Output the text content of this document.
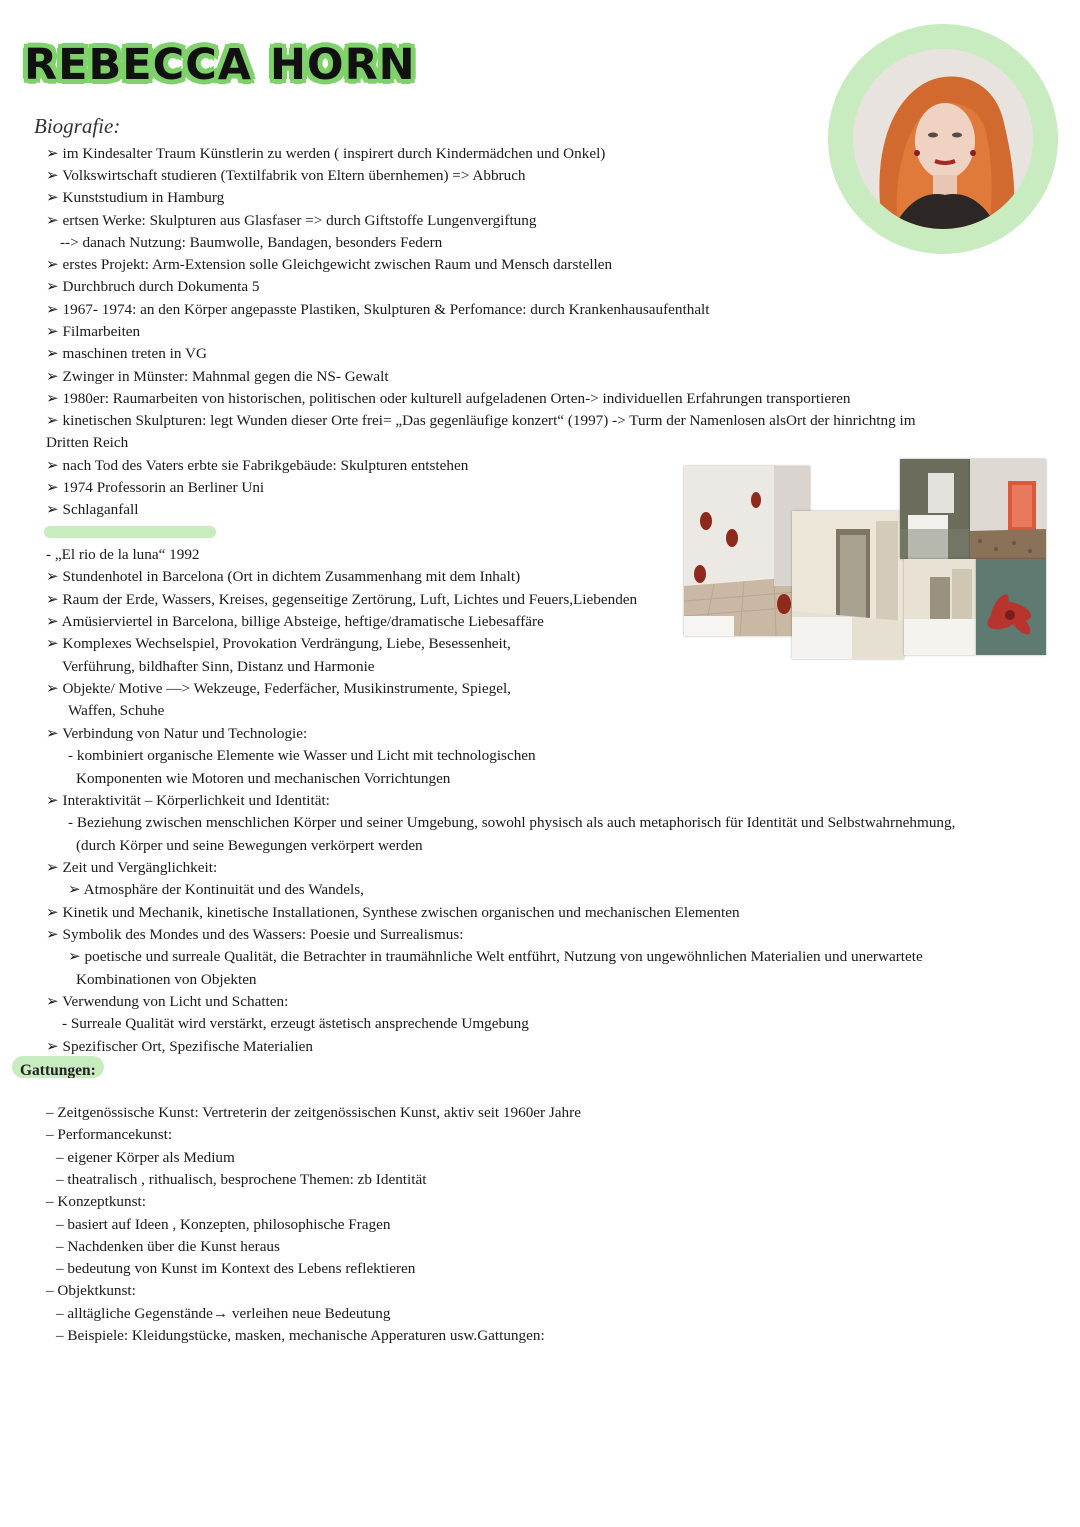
REBECCA HORN
Biografie:
➢ im Kindesalter Traum Künstlerin zu werden ( inspirert durch Kindermädchen und Onkel)
➢ Volkswirtschaft studieren (Textilfabrik von Eltern übernhemen) => Abbruch
➢ Kunststudium in Hamburg
➢ ertsen Werke: Skulpturen aus Glasfaser => durch Giftstoffe Lungenvergiftung
--> danach Nutzung: Baumwolle, Bandagen, besonders Federn
➢ erstes Projekt: Arm-Extension solle Gleichgewicht zwischen Raum und Mensch darstellen
➢ Durchbruch durch Dokumenta 5
➢ 1967- 1974: an den Körper angepasste Plastiken, Skulpturen & Perfomance: durch Krankenhausaufenthalt
➢ Filmarbeiten
➢ maschinen treten in VG
➢ Zwinger in Münster: Mahnmal gegen die NS- Gewalt
➢ 1980er: Raumarbeiten von historischen, politischen oder kulturell aufgeladenen Orten-> individuellen Erfahrungen transportieren
➢ kinetischen Skulpturen: legt Wunden dieser Orte frei= „Das gegenläufige konzert“ (1997) -> Turm der Namenlosen alsOrt der hinrichtng im
Dritten Reich
➢ nach Tod des Vaters erbte sie Fabrikgebäude: Skulpturen entstehen
➢ 1974 Professorin an Berliner Uni
➢ Schlaganfall
- „El rio de la luna“ 1992
➢ Stundenhotel in Barcelona (Ort in dichtem Zusammenhang mit dem Inhalt)
➢ Raum der Erde, Wassers, Kreises, gegenseitige Zertörung, Luft, Lichtes und Feuers,Liebenden
➢ Amüsierviertel in Barcelona, billige Absteige, heftige/dramatische Liebesaffäre
➢ Komplexes Wechselspiel, Provokation Verdrängung, Liebe, Besessenheit,
Verführung, bildhafter Sinn, Distanz und Harmonie
➢ Objekte/ Motive —> Wekzeuge, Federfächer, Musikinstrumente, Spiegel,
Waffen, Schuhe
➢ Verbindung von Natur und Technologie:
- kombiniert organische Elemente wie Wasser und Licht mit technologischen
Komponenten wie Motoren und mechanischen Vorrichtungen
➢ Interaktivität – Körperlichkeit und Identität:
- Beziehung zwischen menschlichen Körper und seiner Umgebung, sowohl physisch als auch metaphorisch für Identität und Selbstwahrnehmung,
(durch Körper und seine Bewegungen verkörpert werden
➢ Zeit und Vergänglichkeit:
➢ Atmosphäre der Kontinuität und des Wandels,
➢ Kinetik und Mechanik, kinetische Installationen, Synthese zwischen organischen und mechanischen Elementen
➢ Symbolik des Mondes und des Wassers: Poesie und Surrealismus:
➢ poetische und surreale Qualität, die Betrachter in traumähnliche Welt entführt, Nutzung von ungewöhnlichen Materialien und unerwartete
Kombinationen von Objekten
➢ Verwendung von Licht und Schatten:
- Surreale Qualität wird verstärkt, erzeugt ästetisch ansprechende Umgebung
➢ Spezifischer Ort, Spezifische Materialien
Gattungen:
– Zeitgenössische Kunst: Vertreterin der zeitgenössischen Kunst, aktiv seit 1960er Jahre
– Performancekunst:
– eigener Körper als Medium
– theatralisch , rithualisch, besprochene Themen: zb Identität
– Konzeptkunst:
– basiert auf Ideen , Konzepten, philosophische Fragen
– Nachdenken über die Kunst heraus
– bedeutung von Kunst im Kontext des Lebens reflektieren
– Objektkunst:
– alltägliche Gegenstände→ verleihen neue Bedeutung
– Beispiele: Kleidungstücke, masken, mechanische Apperaturen usw.Gattungen:
